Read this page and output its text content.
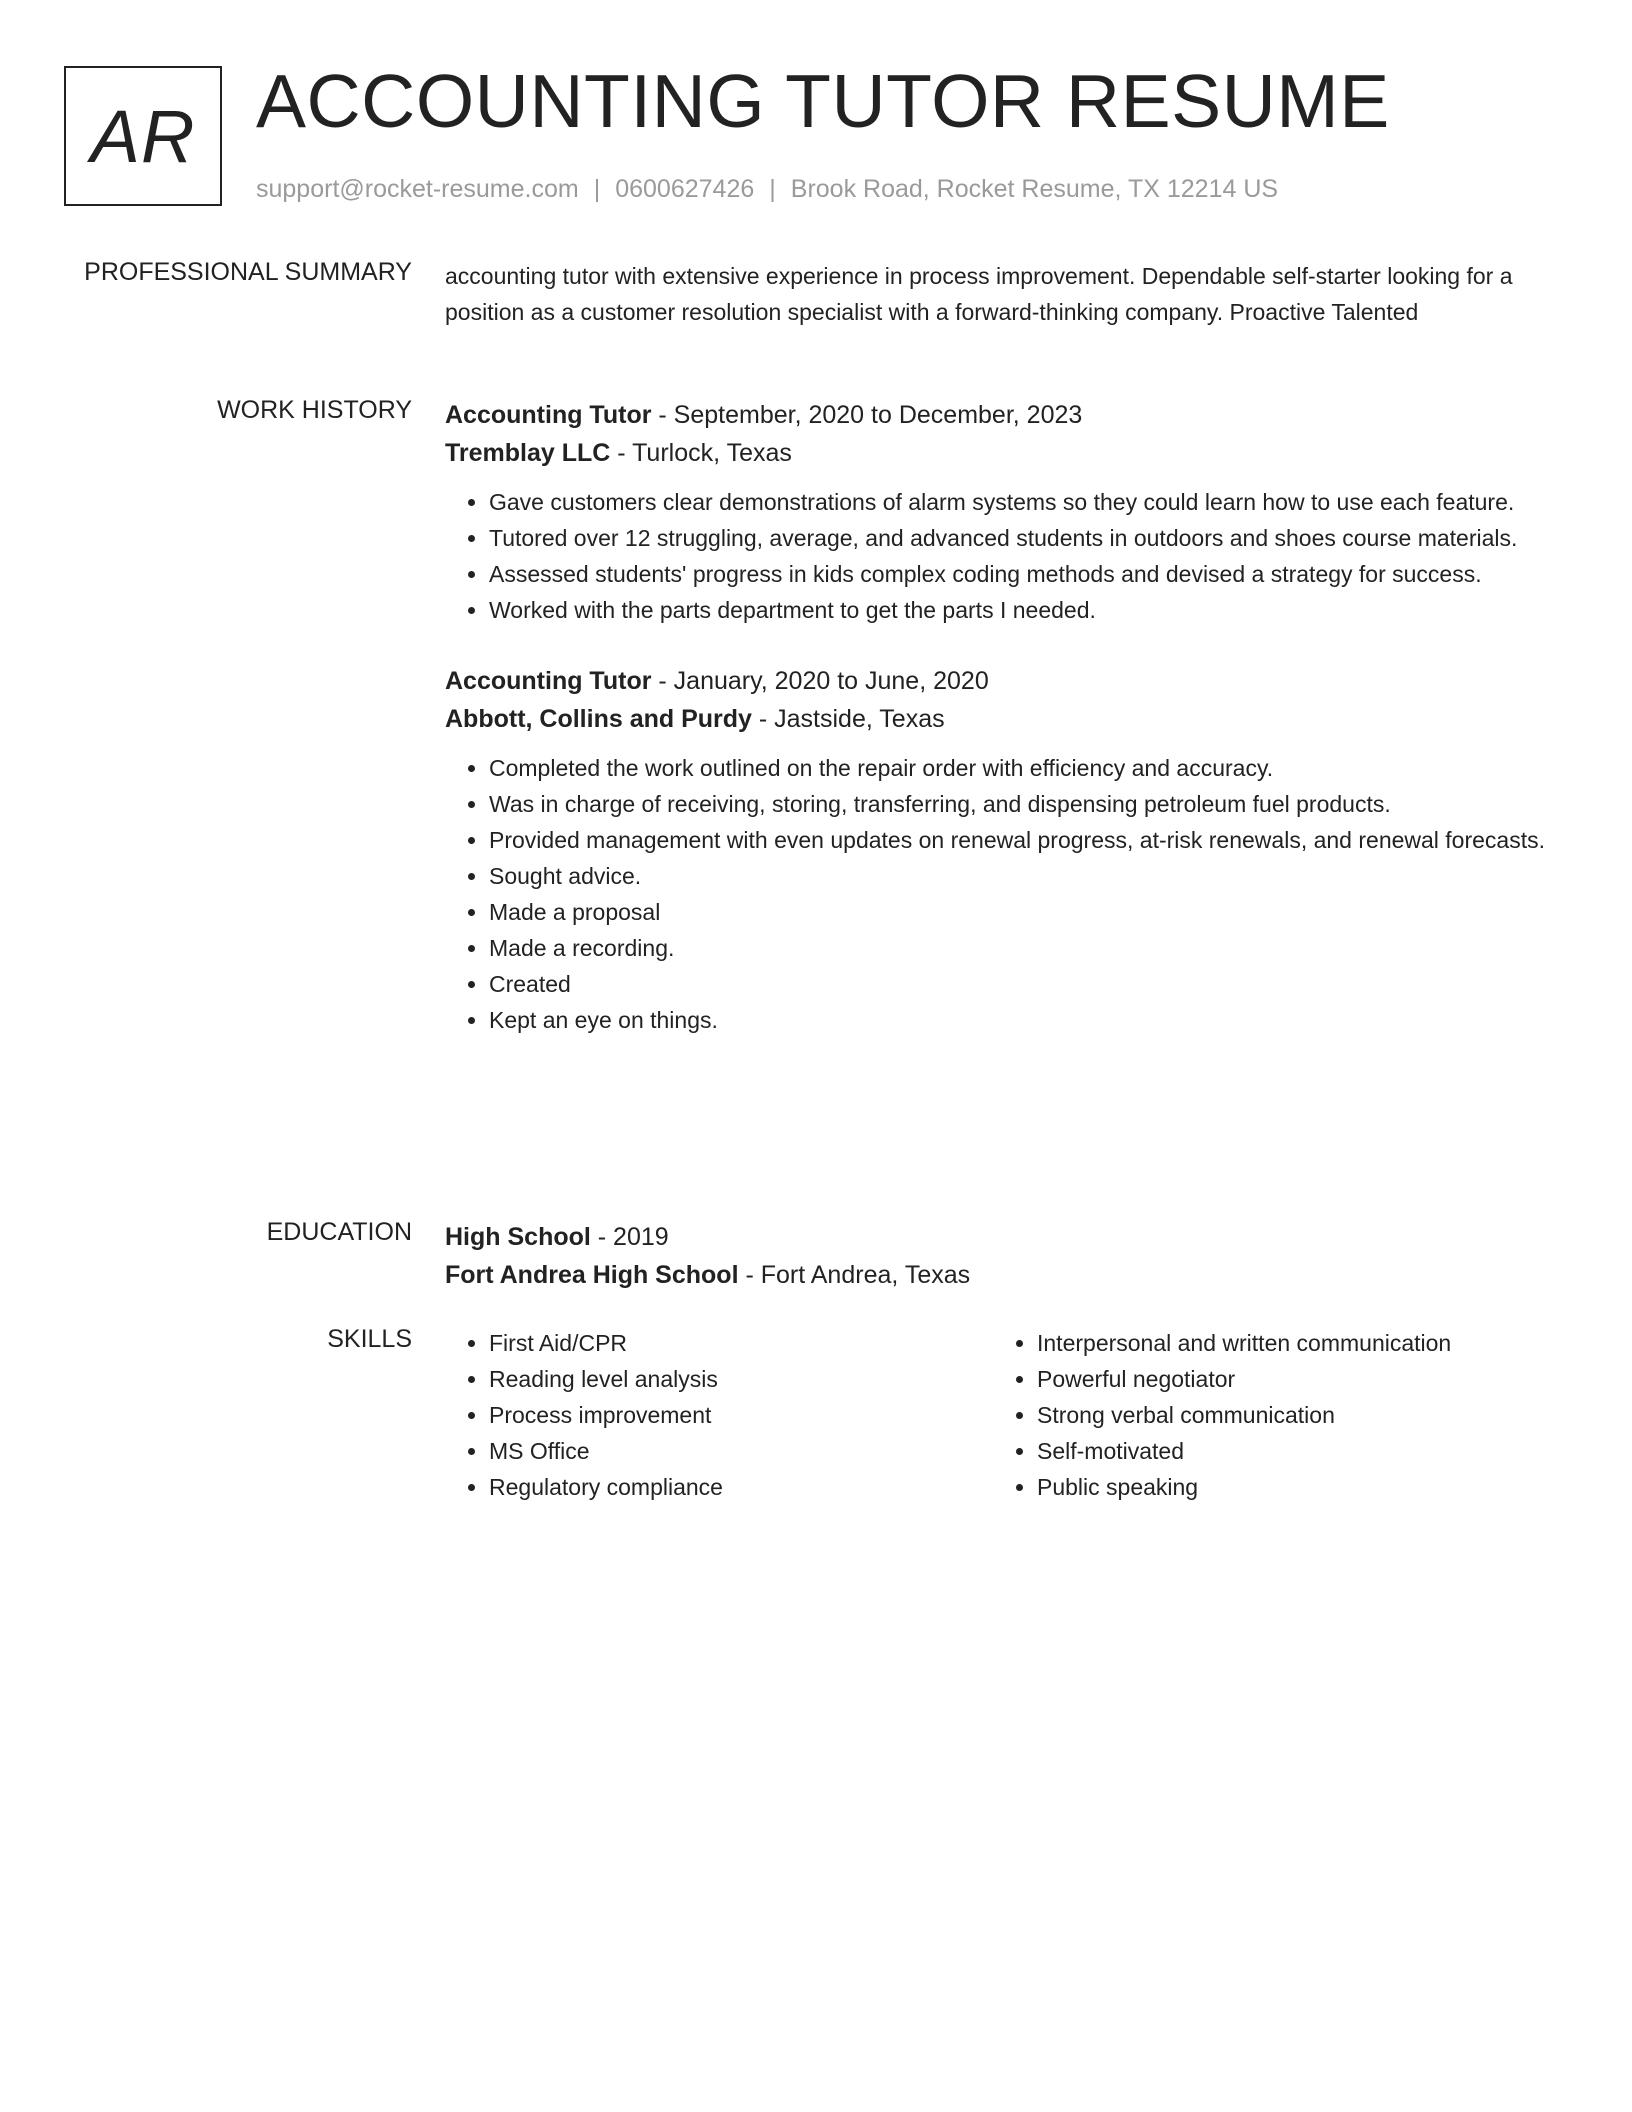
AR ACCOUNTING TUTOR RESUME
support@rocket-resume.com | 0600627426 | Brook Road, Rocket Resume, TX 12214 US
PROFESSIONAL SUMMARY accounting tutor with extensive experience in process improvement. Dependable self-starter looking for a position as a customer resolution specialist with a forward-thinking company. Proactive Talented
WORK HISTORY Accounting Tutor - September, 2020 to December, 2023
Tremblay LLC - Turlock, Texas
• Gave customers clear demonstrations of alarm systems so they could learn how to use each feature.
• Tutored over 12 struggling, average, and advanced students in outdoors and shoes course materials.
• Assessed students' progress in kids complex coding methods and devised a strategy for success.
• Worked with the parts department to get the parts I needed.
Accounting Tutor - January, 2020 to June, 2020
Abbott, Collins and Purdy - Jastside, Texas
• Completed the work outlined on the repair order with efficiency and accuracy.
• Was in charge of receiving, storing, transferring, and dispensing petroleum fuel products.
• Provided management with even updates on renewal progress, at-risk renewals, and renewal forecasts.
• Sought advice.
• Made a proposal
• Made a recording.
• Created
• Kept an eye on things.
EDUCATION High School - 2019
Fort Andrea High School - Fort Andrea, Texas
SKILLS
•	First Aid/CPR
• Reading level analysis
• Process improvement
• MS Office
• Regulatory compliance
• Interpersonal and written communication
• Powerful negotiator
• Strong verbal communication
• Self-motivated
• Public speaking
